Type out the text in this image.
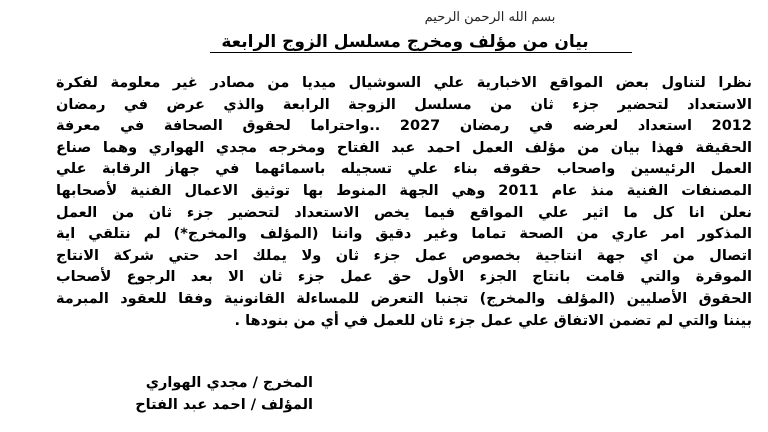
بسم الله الرحمن الرحيم
بيان من مؤلف ومخرج مسلسل الزوج الرابعة
نظرا لتناول بعض المواقع الاخبارية علي السوشيال ميديا من مصادر غير معلومة لفكرة
الاستعداد لتحضير جزء ثان من مسلسل الزوجة الرابعة والذي عرض في رمضان
2012 استعداد لعرضه في رمضان 2027 ..واحتراما لحقوق الصحافة في معرفة
الحقيقة فهذا بيان من مؤلف العمل احمد عبد الفتاح ومخرجه مجدي الهواري وهما صناع
العمل الرئيسين واصحاب حقوقه بناء علي تسجيله باسمائهما في جهاز الرقابة علي
المصنفات الفنية منذ عام 2011 وهي الجهة المنوط بها توثيق الاعمال الفنية لأصحابها
نعلن انا كل ما اثير علي المواقع فيما يخص الاستعداد لتحضير جزء ثان من العمل
المذكور امر عاري من الصحة تماما وغير دقيق واننا (المؤلف والمخرج*) لم نتلقي اية
اتصال من اي جهة انتاجية بخصوص عمل جزء ثان ولا يملك احد حتي شركة الانتاج
الموقرة والتي قامت بانتاج الجزء الأول حق عمل جزء ثان الا بعد الرجوع لأصحاب
الحقوق الأصليين (المؤلف والمخرج) تجنبا التعرض للمساءلة القانونية وفقا للعقود المبرمة
بيننا والتي لم تضمن الاتفاق علي عمل جزء ثان للعمل في أي من بنودها .
المخرج / مجدي الهواري
المؤلف / احمد عبد الفتاح
